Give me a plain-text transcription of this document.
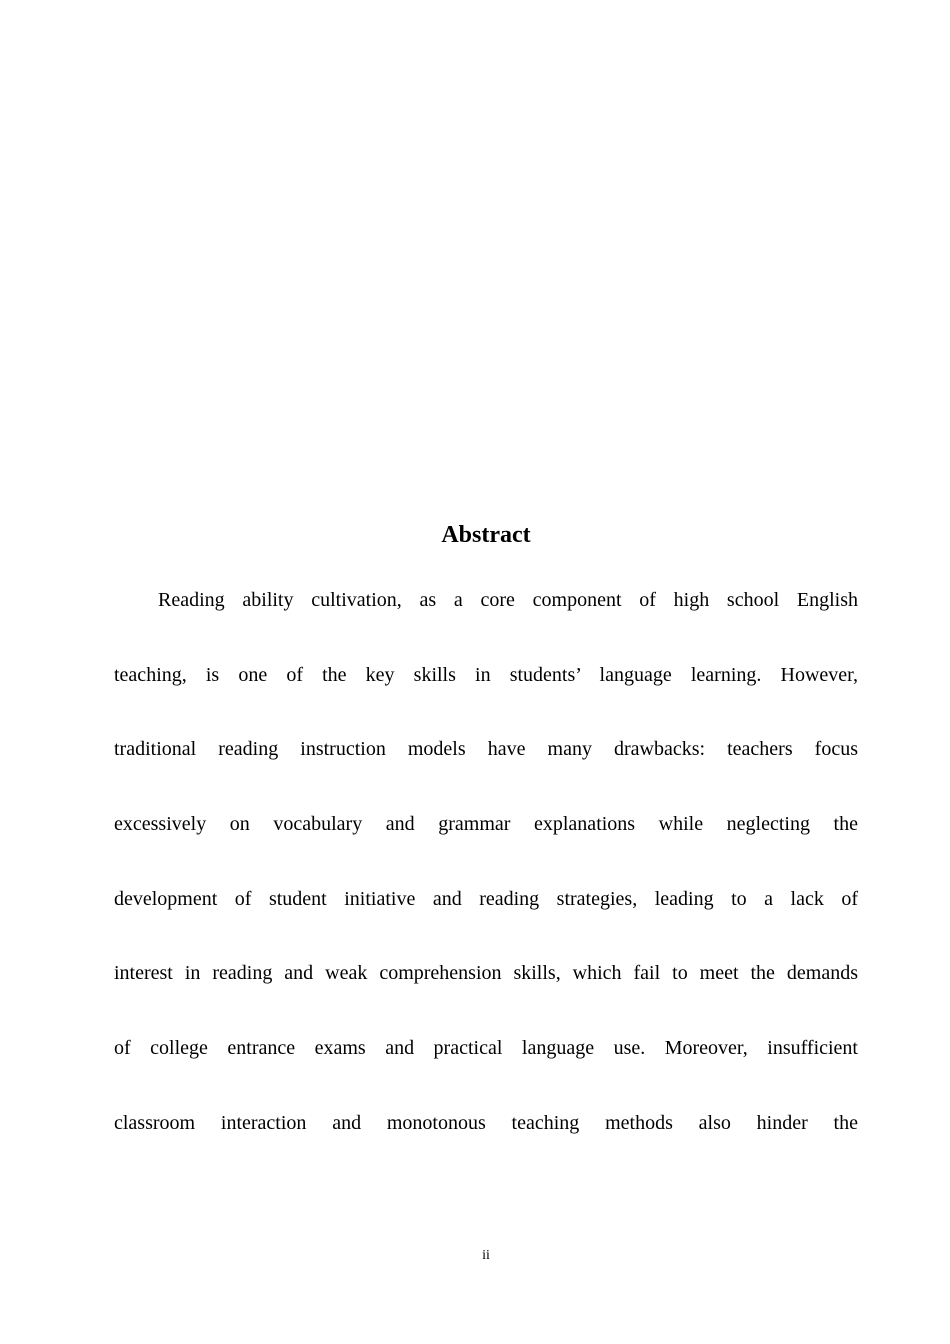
Abstract
Reading ability cultivation, as a core component of high school English
teaching, is one of the key skills in students’ language learning. However,
traditional reading instruction models have many drawbacks: teachers focus
excessively on vocabulary and grammar explanations while neglecting the
development of student initiative and reading strategies, leading to a lack of
interest in reading and weak comprehension skills, which fail to meet the demands
of college entrance exams and practical language use. Moreover, insufficient
classroom interaction and monotonous teaching methods also hinder the
ii
